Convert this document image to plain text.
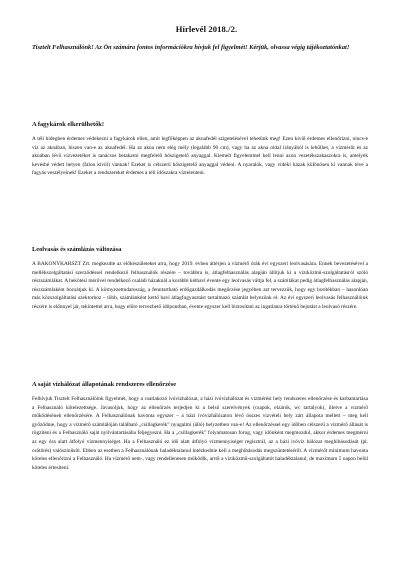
Hírlevél 2018./2.
Tisztelt Felhasználónk! Az Ön számára fontos információkra hívjuk fel figyelmét! Kérjük, olvassa végig tájékoztatónkat!
A fagykárok elkerülhetők!

A téli hidegben érdemes védekezni a fagykárok ellen, amit legfőképpen az aknafedél szigetelésével tehetünk meg! Ezen kívül érdemes ellenőrizni, nincs-e víz az aknában, hiszen van-e az aknafedél. Ha az akna nem elég mély (legalább 90 cm), vagy ha az akna oldal irányából is lehűlhet, a vízmérőt és az aknában lévő vízvezetéket is tanácsos betakarni megfelelő hőszigetelő anyaggal. Kiemelt figyelemmel kell lenni azon vezetékszakaszokra is, amelyek kevésbé védett helyen (falon kívül) vannak! Ezeket is célszerű hőszigetelő anyaggal védeni. A nyaralók, vagy vidéki házak különösen ki vannak téve a fagyás veszélyeinek! Ezeket a rendszereket érdemes a téli időszakra víztelenteni.

Leolvasás és számlázás változása

A BAKONYKARSZT Zrt. megkezdte az előkészületeket arra, hogy 2019. évben áttérjen a vízmérő órák évi egyszeri leolvasására. Ennek bevezetésével a mellékszolgáltatási szerződéssel rendelkező felhasználók részére – továbbra is, átlagfelhasználás alapján állítjuk ki a víziközmű-szolgáltatásról szóló részszámlákat. A bekötési mérővel rendelkező családi házaknál a korábbi kéthavi évente egy leolvasás váltja fel, a számlákat pedig átlagfelhasználás alapján, részszámlaként bocsátjuk ki. A környezettudatosság, a fenntartható erdőgazdálkodás megőrzése jegyében azt tervezzük, hogy egy borítékban – hasonlóan más közszolgáltatási szektorhoz – több, számlánként kettő havi átlagfogyasztást tartalmazó számlát helyezünk el. Az évi egyszeri leolvasás felhasználóink részére is előnnyel jár, tekintettel arra, hogy előre tervezhető időpontban, évente egyszer kell biztosítani az ingatlanra történő bejutást a leolvasó részére.

A saját vízhálózat állapotának rendszeres ellenőrzése

Felhívjuk Tisztelt Felhasználóink figyelmét, hogy a csatlakozó ivóvízhálózat, a házi ivóvízhálózat és vízmérési hely rendszeres ellenőrzése és karbantartása a Felhasználó kötelezettsége. Javasoljuk, hogy az ellenőrzés terjedjen ki a belső szerelvények (csapok, elzárók, wc tartályok), illetve a vízmérő működésének ellenőrzésére. A Felhasználónak havonta egyszer – a házi ivóvízhálózaton lévő összes vízvételi hely zárt állapota mellett – meg kell győződnie, hogy a vízmérő számlálóján található „csillagkerék” nyugalmi (álló) helyzetben van-e! Az ellenőrzéssel egy időben célszerű a vízmérő állását is rögzíteni és a Felhasználó saját nyilvántartásába feljegyezni. Ha a „csillagkerék” folyamatosan forog, vagy időnként megmozdul, akkor érdemes megmérni az egy óra alatt átfolyó vízmennyiséget. Ha a Felhasználó ez idő alatt átfolyó vízmennyiséget regisztrál, az a házi ivóvíz hálózat meghibásodását (pl. csőtörés) valószínűsíti. Ebben az esetben a Felhasználónak haladéktalanul intézkednie kell a meghibásodás megszüntetéséről. A vízmérőt minimum havonta köteles ellenőrizni a Felhasználó. Ha vízmérő nem-, vagy rendellenesen működik, arról a víziközmű-szolgáltatót haladéktalanul, de maximum 5 napon belül köteles értesíteni.
